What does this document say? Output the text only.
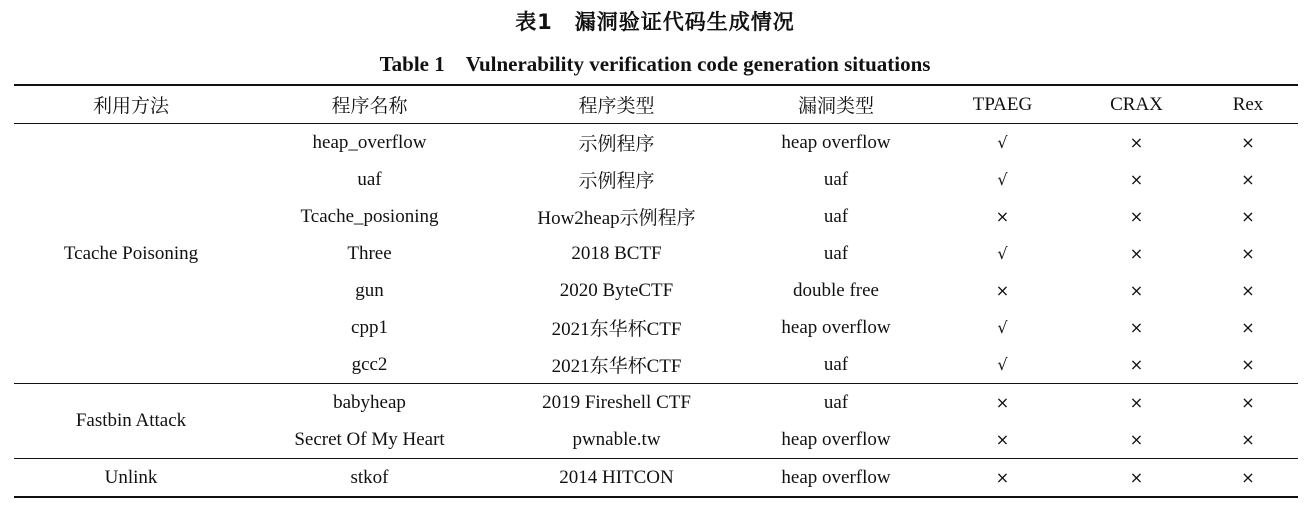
表1　漏洞验证代码生成情况
Table 1　Vulnerability verification code generation situations
利用方法	程序名称	程序类型	漏洞类型	TPAEG	CRAX	Rex
Tcache Poisoning	heap_overflow	示例程序	heap overflow	√	×	×
	uaf	示例程序	uaf	√	×	×
	Tcache_posioning	How2heap示例程序	uaf	×	×	×
	Three	2018 BCTF	uaf	√	×	×
	gun	2020 ByteCTF	double free	×	×	×
	cpp1	2021东华杯CTF	heap overflow	√	×	×
	gcc2	2021东华杯CTF	uaf	√	×	×
Fastbin Attack	babyheap	2019 Fireshell CTF	uaf	×	×	×
	Secret Of My Heart	pwnable.tw	heap overflow	×	×	×
Unlink	stkof	2014 HITCON	heap overflow	×	×	×
